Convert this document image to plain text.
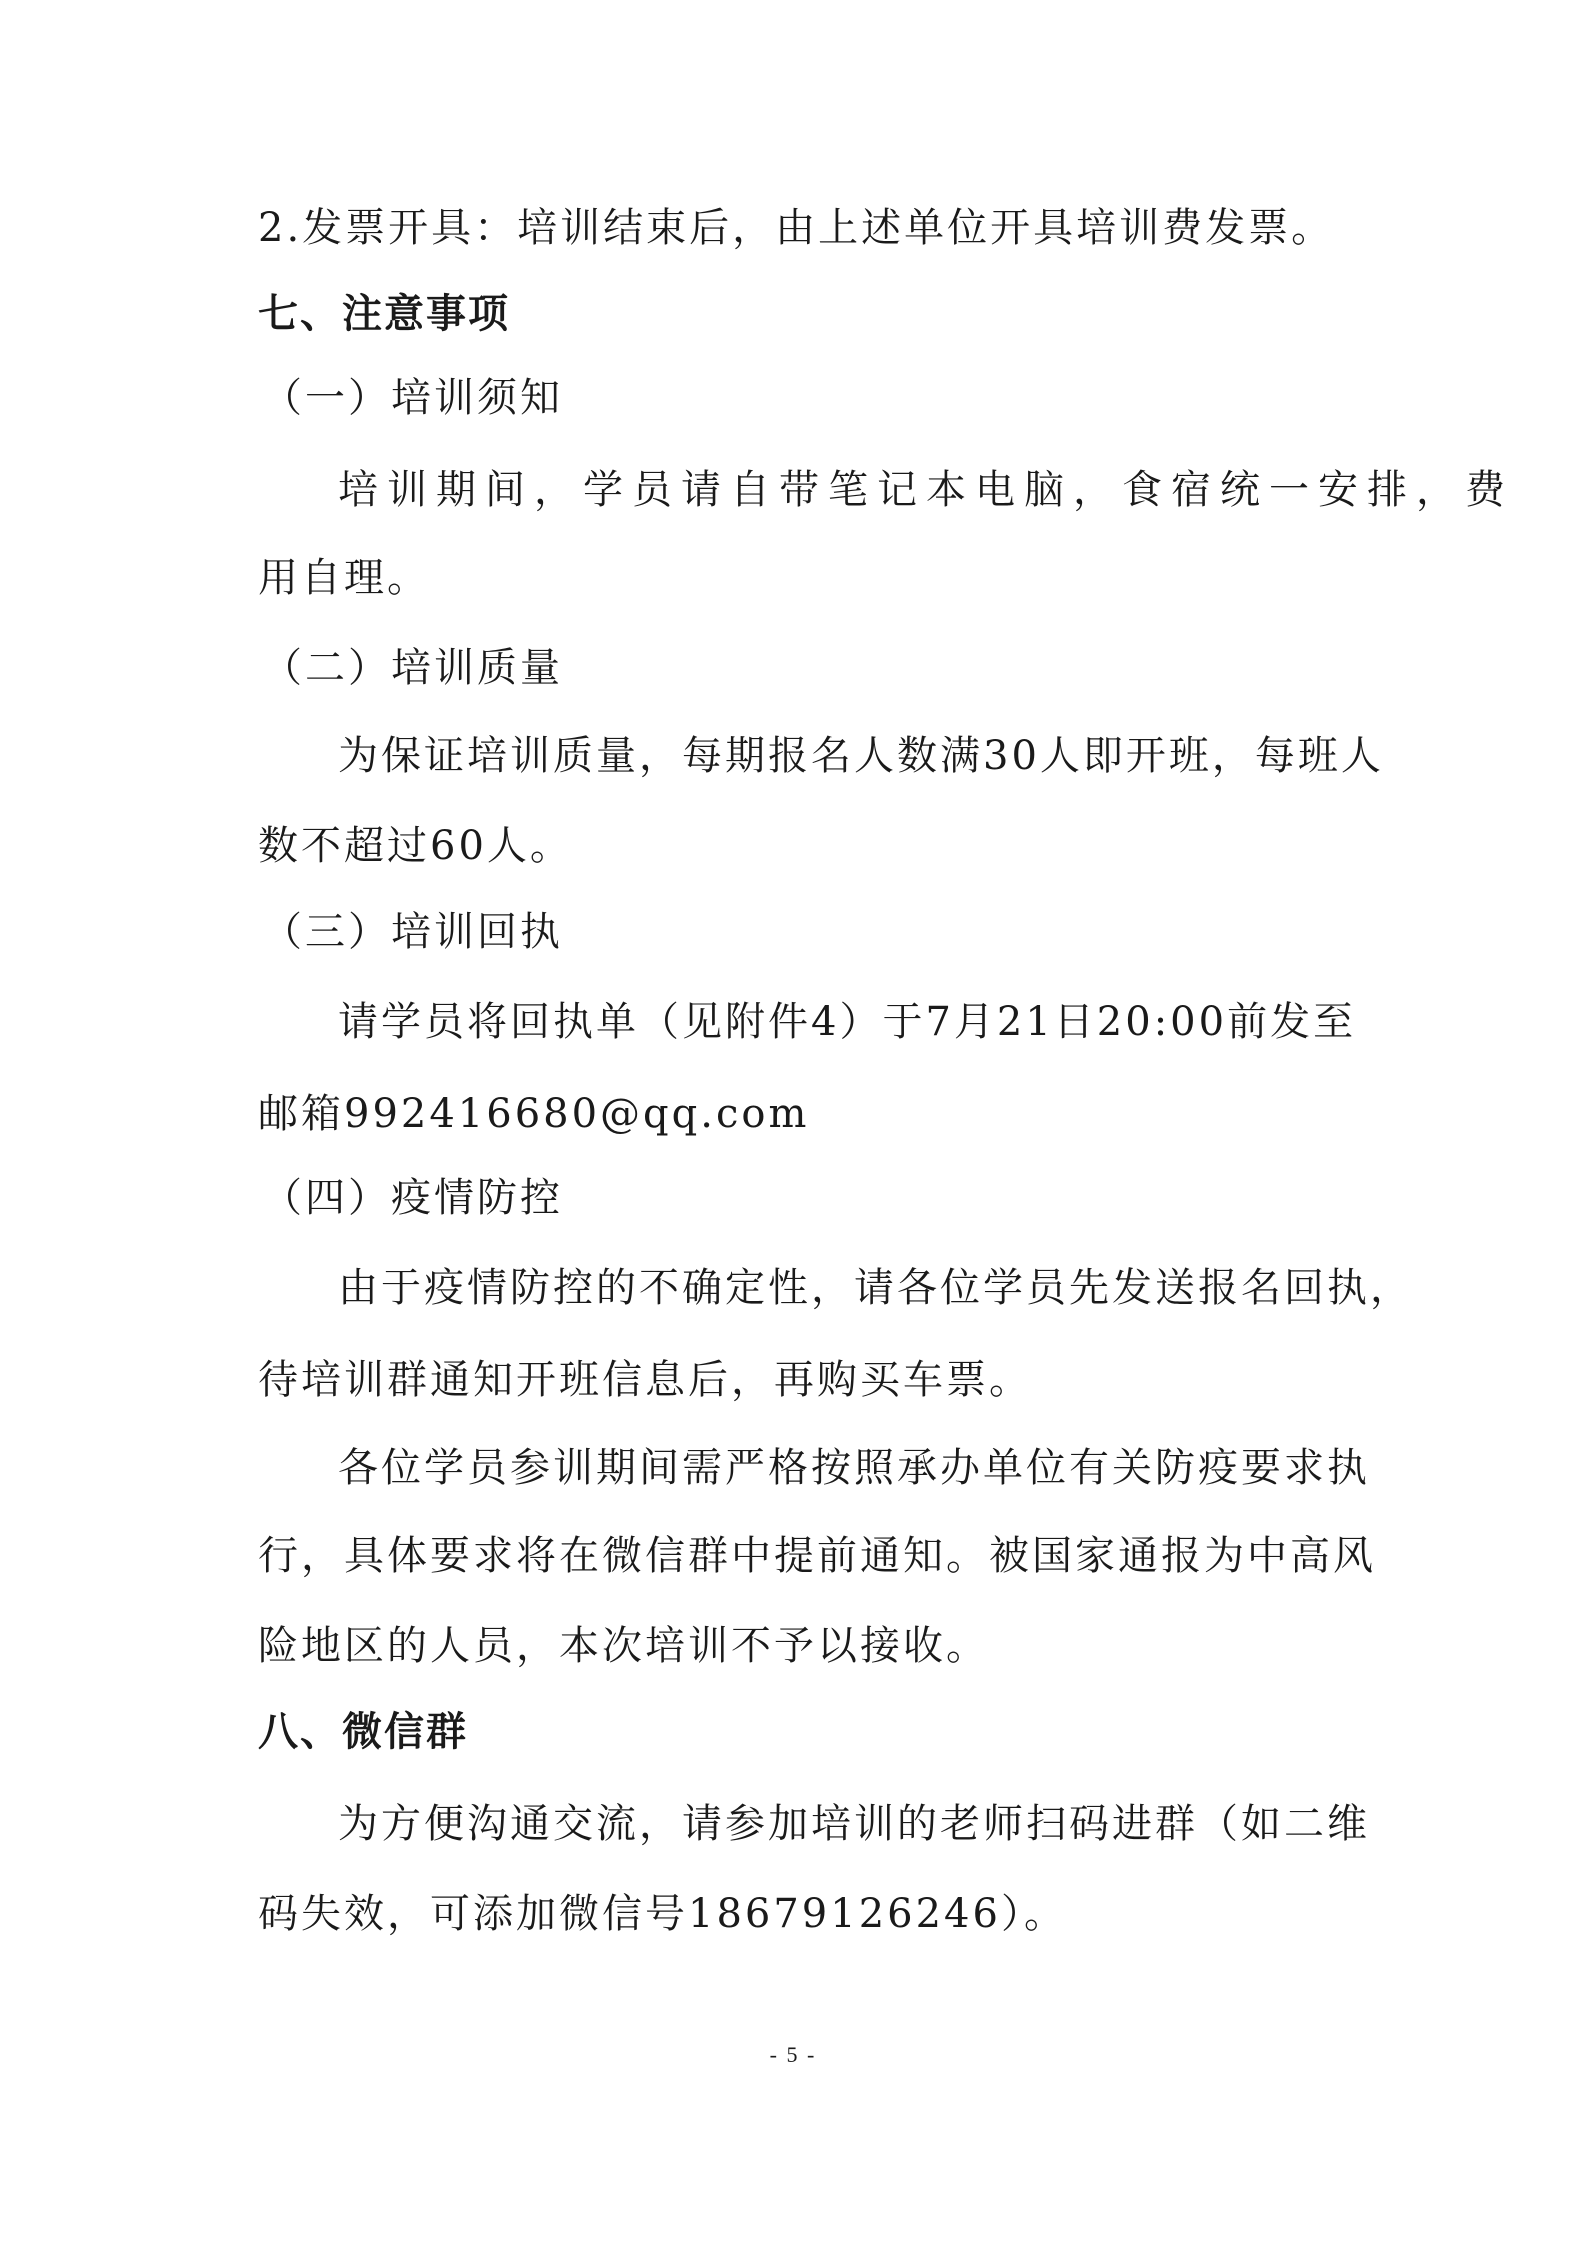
2.发票开具：培训结束后，由上述单位开具培训费发票。
七、注意事项
（一）培训须知
培训期间，学员请自带笔记本电脑，食宿统一安排，费
用自理。
（二）培训质量
为保证培训质量，每期报名人数满30人即开班，每班人
数不超过60人。
（三）培训回执
请学员将回执单（见附件4）于7月21日20:00前发至
邮箱992416680@qq.com
（四）疫情防控
由于疫情防控的不确定性，请各位学员先发送报名回执，
待培训群通知开班信息后，再购买车票。
各位学员参训期间需严格按照承办单位有关防疫要求执
行，具体要求将在微信群中提前通知。被国家通报为中高风
险地区的人员，本次培训不予以接收。
八、微信群
为方便沟通交流，请参加培训的老师扫码进群（如二维
码失效，可添加微信号18679126246）。
- 5 -
